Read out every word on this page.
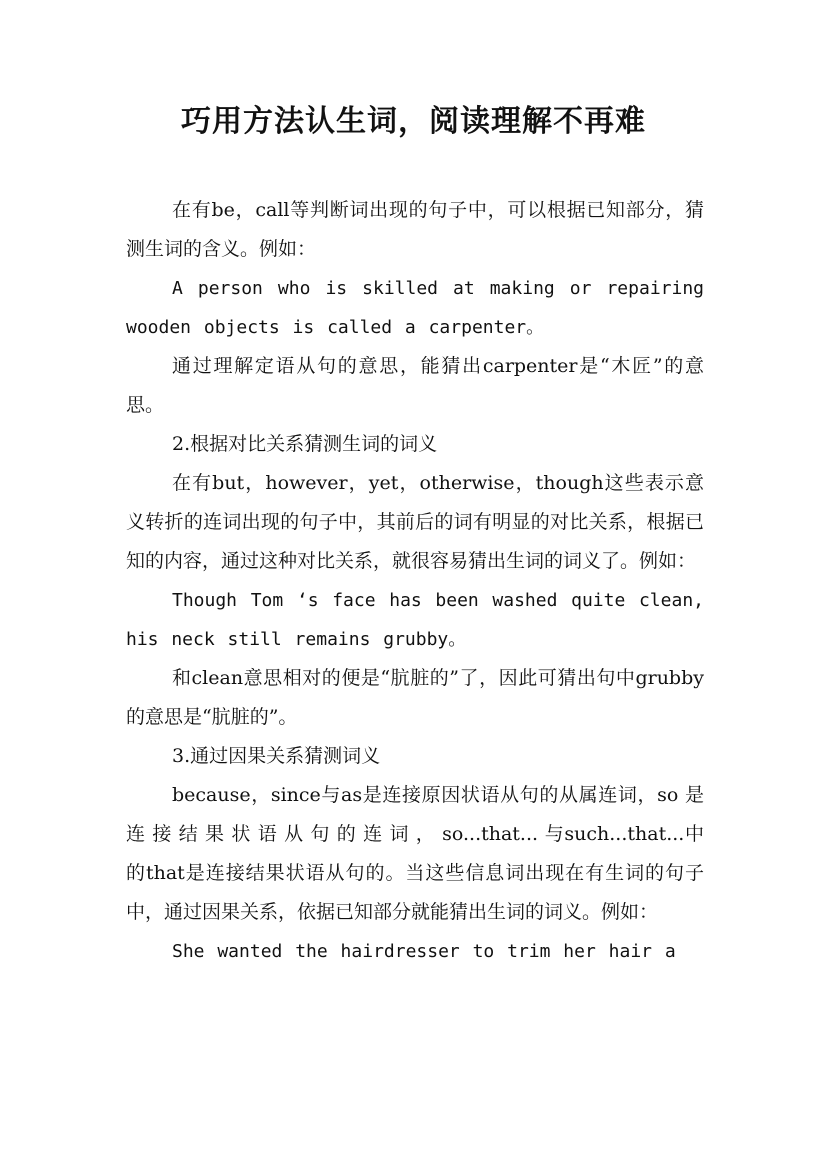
巧用方法认生词，阅读理解不再难

在有be，call等判断词出现的句子中，可以根据已知部分，猜测生词的含义。例如：

A person who is skilled at making or repairing wooden objects is called a carpenter。

通过理解定语从句的意思，能猜出carpenter是“木匠”的意思。

2.根据对比关系猜测生词的词义

在有but，however，yet，otherwise，though这些表示意义转折的连词出现的句子中，其前后的词有明显的对比关系，根据已知的内容，通过这种对比关系，就很容易猜出生词的词义了。例如：

Though Tom ‘s face has been washed quite clean, his neck still remains grubby。

和clean意思相对的便是“肮脏的”了，因此可猜出句中grubby的意思是“肮脏的”。

3.通过因果关系猜测词义

because，since与as是连接原因状语从句的从属连词，so 是 连 接 结 果 状 语 从 句 的 连 词 ， so...that... 与such...that...中的that是连接结果状语从句的。当这些信息词出现在有生词的句子中，通过因果关系，依据已知部分就能猜出生词的词义。例如：

She wanted the hairdresser to trim her hair a
